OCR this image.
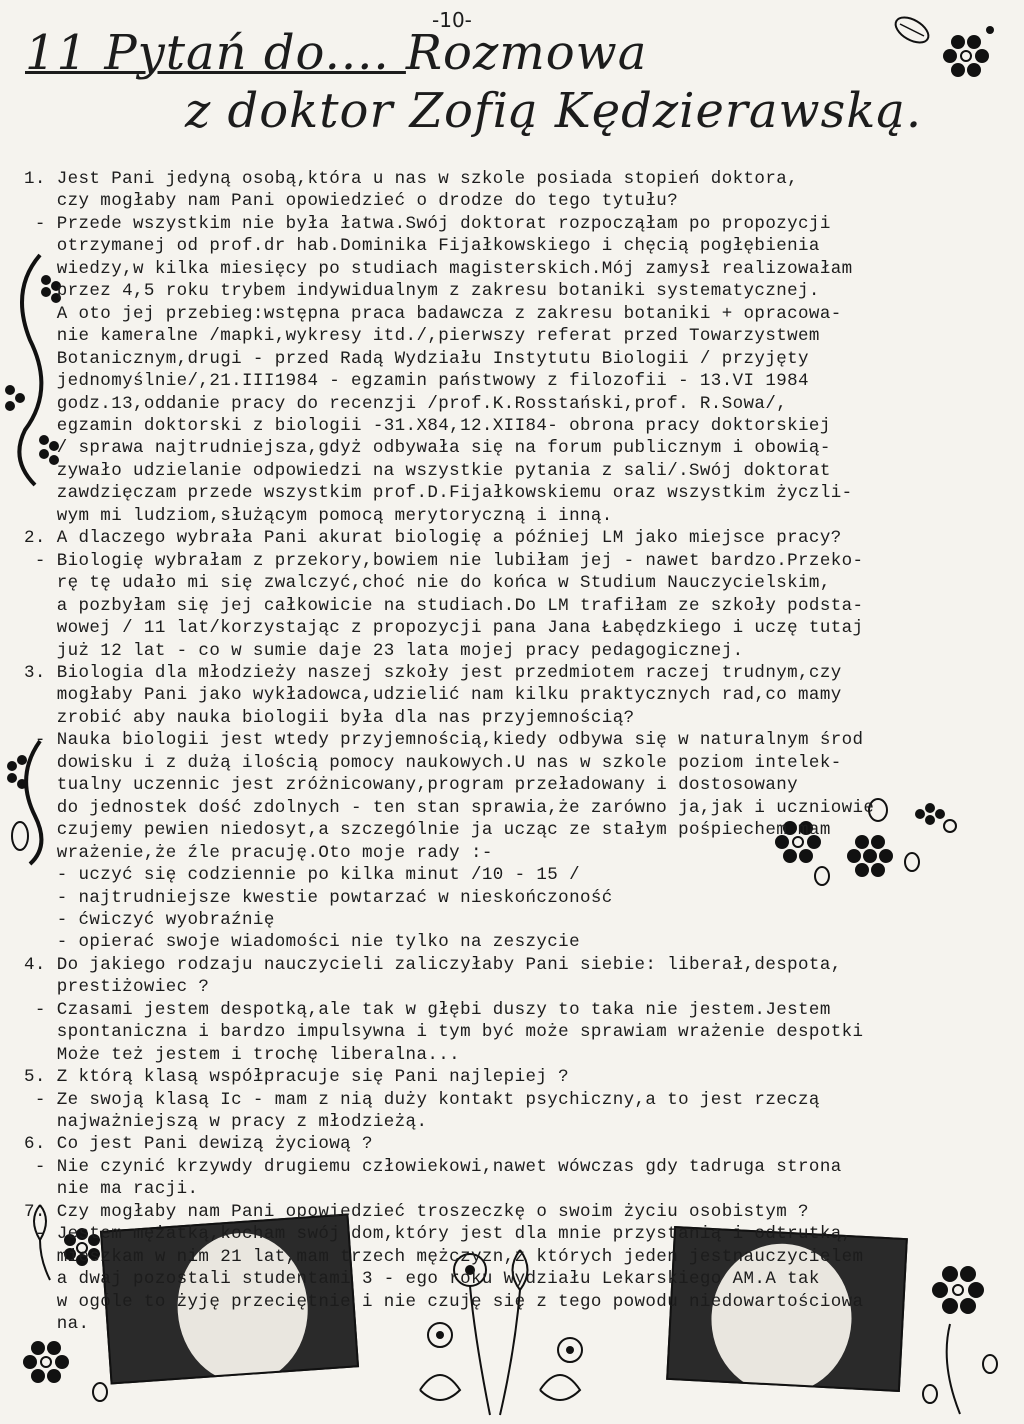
-10-
11 Pytań do.... Rozmowa
z doktor Zofią Kędzierawską.
1. Jest Pani jedyną osobą,która u nas w szkole posiada stopień doktora,
czy mogłaby nam Pani opowiedzieć o drodze do tego tytułu?
- Przede wszystkim nie była łatwa.Swój doktorat rozpocząłam po propozycji
otrzymanej od prof.dr hab.Dominika Fijałkowskiego i chęcią pogłębienia
wiedzy,w kilka miesięcy po studiach magisterskich.Mój zamysł realizowałam
przez 4,5 roku trybem indywidualnym z zakresu botaniki systematycznej.
A oto jej przebieg:wstępna praca badawcza z zakresu botaniki + opracowa-
nie kameralne /mapki,wykresy itd./,pierwszy referat przed Towarzystwem
Botanicznym,drugi - przed Radą Wydziału Instytutu Biologii / przyjęty
jednomyślnie/,21.III1984 - egzamin państwowy z filozofii - 13.VI 1984
godz.13,oddanie pracy do recenzji /prof.K.Rosstański,prof. R.Sowa/,
egzamin doktorski z biologii -31.X84,12.XII84- obrona pracy doktorskiej
/ sprawa najtrudniejsza,gdyż odbywała się na forum publicznym i obowią-
zywało udzielanie odpowiedzi na wszystkie pytania z sali/.Swój doktorat
zawdzięczam przede wszystkim prof.D.Fijałkowskiemu oraz wszystkim życzli-
wym mi ludziom,służącym pomocą merytoryczną i inną.
2. A dlaczego wybrała Pani akurat biologię a później LM jako miejsce pracy?
- Biologię wybrałam z przekory,bowiem nie lubiłam jej - nawet bardzo.Przeko-
rę tę udało mi się zwalczyć,choć nie do końca w Studium Nauczycielskim,
a pozbyłam się jej całkowicie na studiach.Do LM trafiłam ze szkoły podsta-
wowej / 11 lat/korzystając z propozycji pana Jana Łabędzkiego i uczę tutaj
już 12 lat - co w sumie daje 23 lata mojej pracy pedagogicznej.
3. Biologia dla młodzieży naszej szkoły jest przedmiotem raczej trudnym,czy
mogłaby Pani jako wykładowca,udzielić nam kilku praktycznych rad,co mamy
zrobić aby nauka biologii była dla nas przyjemnością?
- Nauka biologii jest wtedy przyjemnością,kiedy odbywa się w naturalnym środ
dowisku i z dużą ilością pomocy naukowych.U nas w szkole poziom intelek-
tualny uczennic jest zróżnicowany,program przeładowany i dostosowany
do jednostek dość zdolnych - ten stan sprawia,że zarówno ja,jak i uczniowie
czujemy pewien niedosyt,a szczególnie ja ucząc ze stałym pośpiechem mam
wrażenie,że źle pracuję.Oto moje rady :-
- uczyć się codziennie po kilka minut /10 - 15 /
- najtrudniejsze kwestie powtarzać w nieskończoność
- ćwiczyć wyobraźnię
- opierać swoje wiadomości nie tylko na zeszycie
4. Do jakiego rodzaju nauczycieli zaliczyłaby Pani siebie: liberał,despota,
prestiżowiec ?
- Czasami jestem despotką,ale tak w głębi duszy to taka nie jestem.Jestem
spontaniczna i bardzo impulsywna i tym być może sprawiam wrażenie despotki
Może też jestem i trochę liberalna...
5. Z którą klasą współpracuje się Pani najlepiej ?
- Ze swoją klasą Ic - mam z nią duży kontakt psychiczny,a to jest rzeczą
najważniejszą w pracy z młodzieżą.
6. Co jest Pani dewizą życiową ?
- Nie czynić krzywdy drugiemu człowiekowi,nawet wówczas gdy tadruga strona
nie ma racji.
7. Czy mogłaby nam Pani opowiedzieć troszeczkę o swoim życiu osobistym ?
- Jestem mężatką,kocham swój dom,który jest dla mnie przystanią i odtrutką,
mieszkam w nim 21 lat,mam trzech mężczyzn,z których jeden jestnauczycielem
a dwaj pozostali studentami 3 - ego roku Wydziału Lekarskiego AM.A tak
w ogóle to żyję przeciętnie i nie czuję się z tego powodu niedowartościowa
na.
